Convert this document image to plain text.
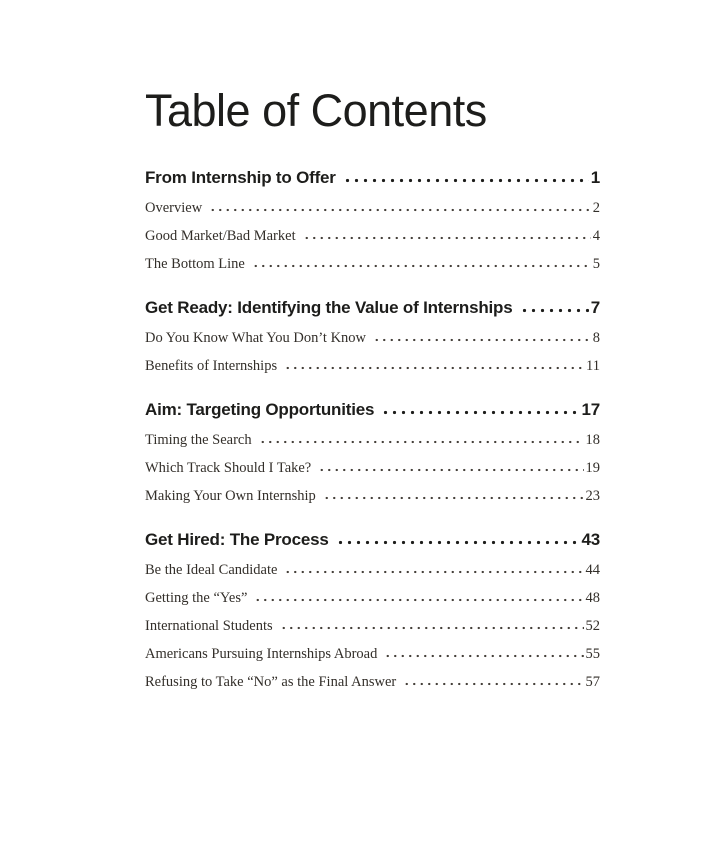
Table of Contents
From Internship to Offer	1
Overview	2
Good Market/Bad Market	4
The Bottom Line	5
Get Ready: Identifying the Value of Internships	7
Do You Know What You Don’t Know	8
Benefits of Internships	11
Aim: Targeting Opportunities	17
Timing the Search	18
Which Track Should I Take?	19
Making Your Own Internship	23
Get Hired: The Process	43
Be the Ideal Candidate	44
Getting the “Yes”	48
International Students	52
Americans Pursuing Internships Abroad	55
Refusing to Take “No” as the Final Answer	57
